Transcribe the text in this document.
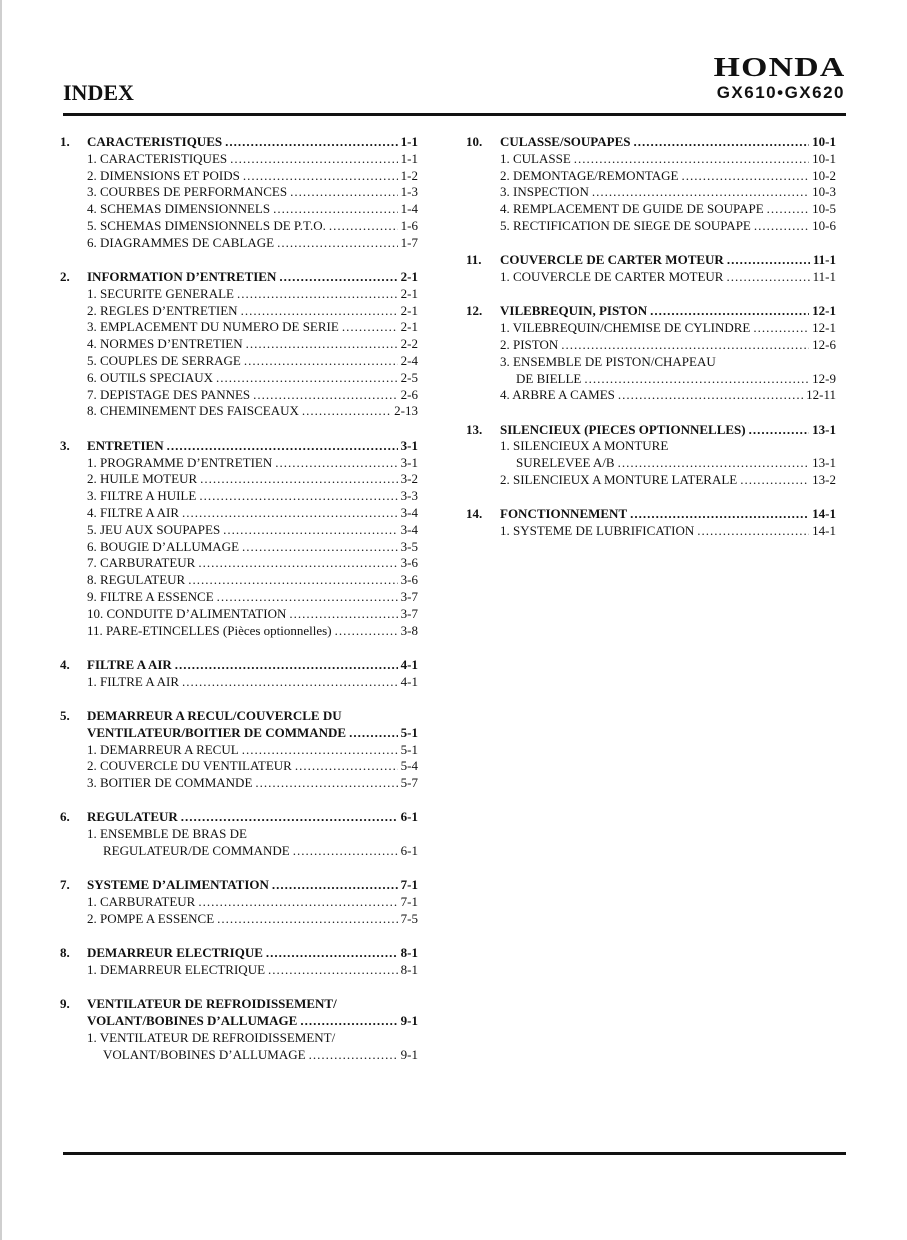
HONDA
GX610•GX620
INDEX
1.	CARACTERISTIQUES .....	1-1
1. CARACTERISTIQUES .....	1-1
2. DIMENSIONS ET POIDS .....	1-2
3. COURBES DE PERFORMANCES .....	1-3
4. SCHEMAS DIMENSIONNELS .....	1-4
5. SCHEMAS DIMENSIONNELS DE P.T.O. .....	1-6
6. DIAGRAMMES DE CABLAGE .....	1-7
2.	INFORMATION D’ENTRETIEN .....	2-1
1. SECURITE GENERALE .....	2-1
2. REGLES D’ENTRETIEN .....	2-1
3. EMPLACEMENT DU NUMERO DE SERIE .....	2-1
4. NORMES D’ENTRETIEN .....	2-2
5. COUPLES DE SERRAGE .....	2-4
6. OUTILS SPECIAUX .....	2-5
7. DEPISTAGE DES PANNES .....	2-6
8. CHEMINEMENT DES FAISCEAUX .....	2-13
3.	ENTRETIEN .....	3-1
1. PROGRAMME D’ENTRETIEN .....	3-1
2. HUILE MOTEUR .....	3-2
3. FILTRE A HUILE .....	3-3
4. FILTRE A AIR .....	3-4
5. JEU AUX SOUPAPES .....	3-4
6. BOUGIE D’ALLUMAGE .....	3-5
7. CARBURATEUR .....	3-6
8. REGULATEUR .....	3-6
9. FILTRE A ESSENCE .....	3-7
10. CONDUITE D’ALIMENTATION .....	3-7
11. PARE-ETINCELLES (Pièces optionnelles) .....	3-8
4.	FILTRE A AIR .....	4-1
1. FILTRE A AIR .....	4-1
5.	DEMARREUR A RECUL/COUVERCLE DU
VENTILATEUR/BOITIER DE COMMANDE .....	5-1
1. DEMARREUR A RECUL .....	5-1
2. COUVERCLE DU VENTILATEUR .....	5-4
3. BOITIER DE COMMANDE .....	5-7
6.	REGULATEUR .....	6-1
1. ENSEMBLE DE BRAS DE
REGULATEUR/DE COMMANDE .....	6-1
7.	SYSTEME D’ALIMENTATION .....	7-1
1. CARBURATEUR .....	7-1
2. POMPE A ESSENCE .....	7-5
8.	DEMARREUR ELECTRIQUE .....	8-1
1. DEMARREUR ELECTRIQUE .....	8-1
9.	VENTILATEUR DE REFROIDISSEMENT/
VOLANT/BOBINES D’ALLUMAGE .....	9-1
1. VENTILATEUR DE REFROIDISSEMENT/
VOLANT/BOBINES D’ALLUMAGE .....	9-1
10.	CULASSE/SOUPAPES .....	10-1
1. CULASSE .....	10-1
2. DEMONTAGE/REMONTAGE .....	10-2
3. INSPECTION .....	10-3
4. REMPLACEMENT DE GUIDE DE SOUPAPE .....	10-5
5. RECTIFICATION DE SIEGE DE SOUPAPE .....	10-6
11.	COUVERCLE DE CARTER MOTEUR .....	11-1
1. COUVERCLE DE CARTER MOTEUR .....	11-1
12.	VILEBREQUIN, PISTON .....	12-1
1. VILEBREQUIN/CHEMISE DE CYLINDRE .....	12-1
2. PISTON .....	12-6
3. ENSEMBLE DE PISTON/CHAPEAU
DE BIELLE .....	12-9
4. ARBRE A CAMES .....	12-11
13.	SILENCIEUX (PIECES OPTIONNELLES) .....	13-1
1. SILENCIEUX A MONTURE
SURELEVEE A/B .....	13-1
2. SILENCIEUX A MONTURE LATERALE .....	13-2
14.	FONCTIONNEMENT .....	14-1
1. SYSTEME DE LUBRIFICATION .....	14-1
